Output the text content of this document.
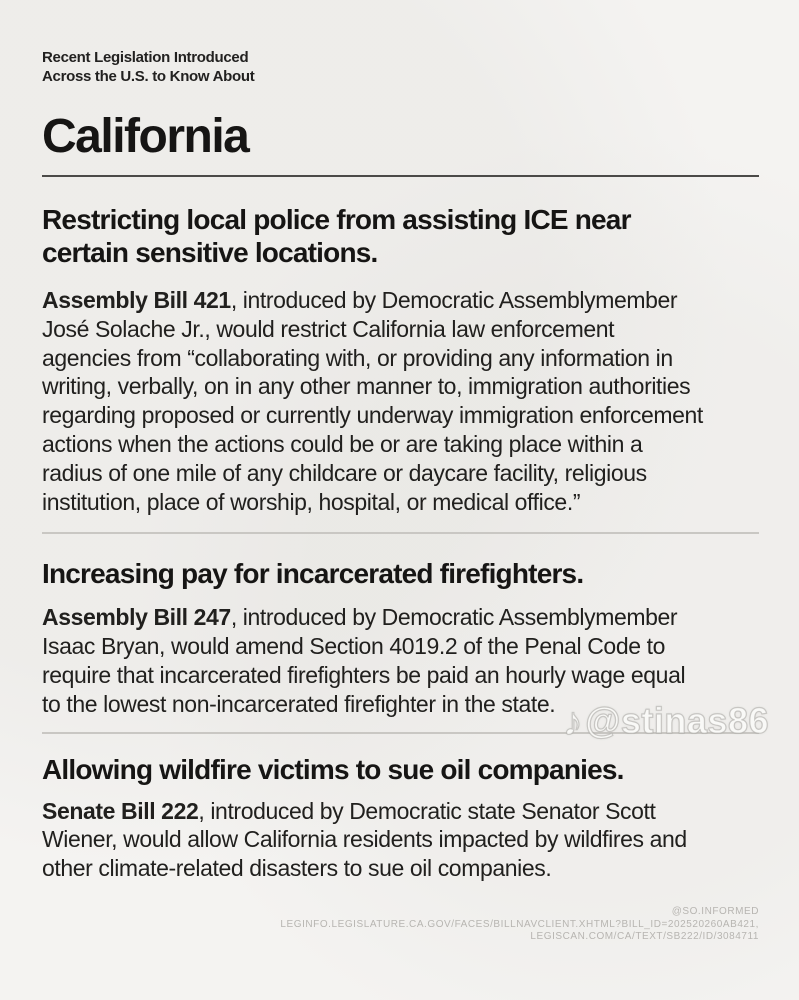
Recent Legislation Introduced
Across the U.S. to Know About
California
Restricting local police from assisting ICE near
certain sensitive locations.

Assembly Bill 421, introduced by Democratic Assemblymember
José Solache Jr., would restrict California law enforcement
agencies from “collaborating with, or providing any information in
writing, verbally, on in any other manner to, immigration authorities
regarding proposed or currently underway immigration enforcement
actions when the actions could be or are taking place within a
radius of one mile of any childcare or daycare facility, religious
institution, place of worship, hospital, or medical office.”

Increasing pay for incarcerated firefighters.

Assembly Bill 247, introduced by Democratic Assemblymember
Isaac Bryan, would amend Section 4019.2 of the Penal Code to
require that incarcerated firefighters be paid an hourly wage equal
to the lowest non-incarcerated firefighter in the state.

Allowing wildfire victims to sue oil companies.

Senate Bill 222, introduced by Democratic state Senator Scott
Wiener, would allow California residents impacted by wildfires and
other climate-related disasters to sue oil companies.

♪@stinas86
@SO.INFORMED
LEGINFO.LEGISLATURE.CA.GOV/FACES/BILLNAVCLIENT.XHTML?BILL_ID=202520260AB421,
LEGISCAN.COM/CA/TEXT/SB222/ID/3084711
